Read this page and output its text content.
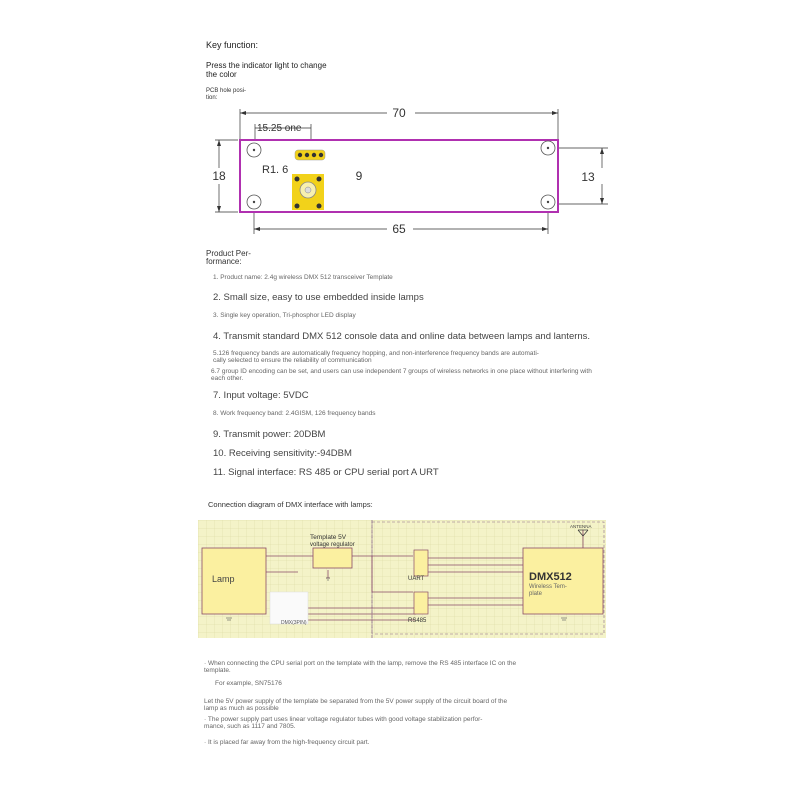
Key function:
Press the indicator light to change
the color
PCB hole posi-
tion:
70
15.25 one
R1. 6
18	9	13
65
Product Per-
formance:
1. Product name: 2.4g wireless DMX 512 transceiver Template
2. Small size, easy to use embedded inside lamps
3. Single key operation, Tri-phosphor LED display
4. Transmit standard DMX 512 console data and online data between lamps and lanterns.
5.126 frequency bands are automatically frequency hopping, and non-interference frequency bands are automati-
cally selected to ensure the reliability of communication
6.7 group ID encoding can be set, and users can use independent 7 groups of wireless networks in one place without interfering with
each other.
7. Input voltage: 5VDC
8. Work frequency band: 2.4GISM, 126 frequency bands
9. Transmit power: 20DBM
10. Receiving sensitivity:-94DBM
11. Signal interface: RS 485 or CPU serial port A URT
Connection diagram of DMX interface with lamps:
Lamp
DMX(3PIN)
Template 5V
voltage regulator
UART
RS485
DMX512
Wireless Tem-
plate
ANTENNA
· When connecting the CPU serial port on the template with the lamp, remove the RS 485 interface IC on the template.
For example, SN75176
Let the 5V power supply of the template be separated from the 5V power supply of the circuit board of the
lamp as much as possible
· The power supply part uses linear voltage regulator tubes with good voltage stabilization perfor-
mance, such as 1117 and 7805.
· It is placed far away from the high-frequency circuit part.
